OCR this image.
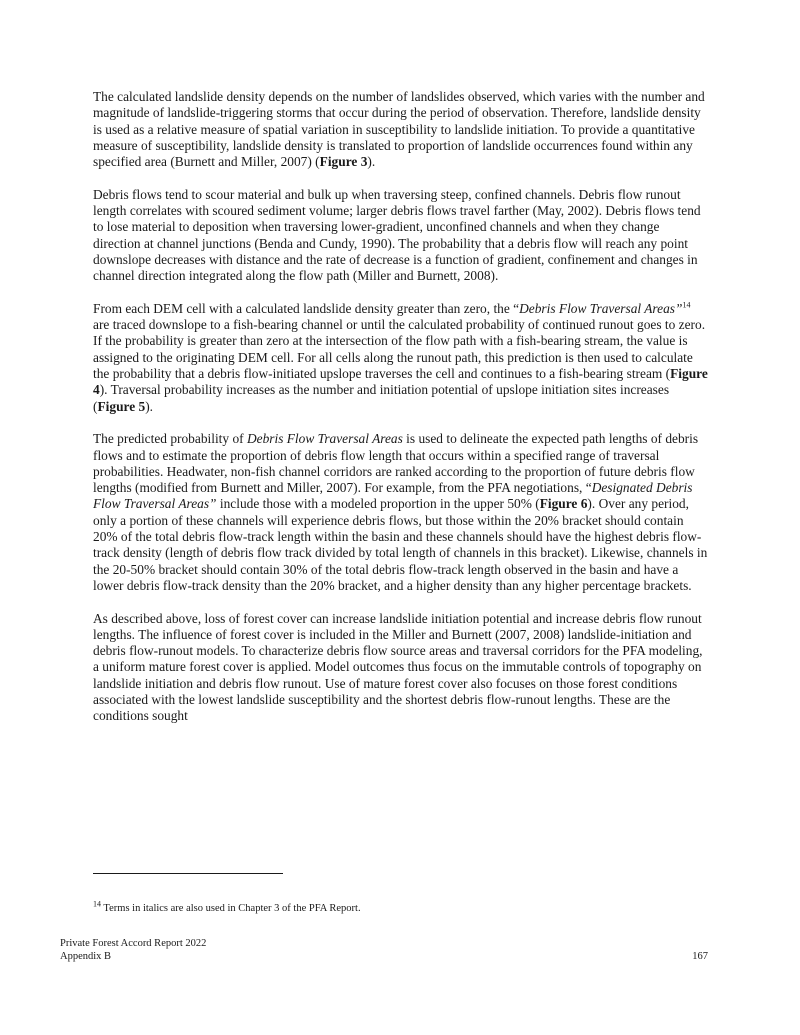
The calculated landslide density depends on the number of landslides observed, which varies with the number and magnitude of landslide-triggering storms that occur during the period of observation. Therefore, landslide density is used as a relative measure of spatial variation in susceptibility to landslide initiation. To provide a quantitative measure of susceptibility, landslide density is translated to proportion of landslide occurrences found within any specified area (Burnett and Miller, 2007) (Figure 3).

Debris flows tend to scour material and bulk up when traversing steep, confined channels. Debris flow runout length correlates with scoured sediment volume; larger debris flows travel farther (May, 2002). Debris flows tend to lose material to deposition when traversing lower-gradient, unconfined channels and when they change direction at channel junctions (Benda and Cundy, 1990). The probability that a debris flow will reach any point downslope decreases with distance and the rate of decrease is a function of gradient, confinement and changes in channel direction integrated along the flow path (Miller and Burnett, 2008).

From each DEM cell with a calculated landslide density greater than zero, the “Debris Flow Traversal Areas”$^{14}$ are traced downslope to a fish-bearing channel or until the calculated probability of continued runout goes to zero. If the probability is greater than zero at the intersection of the flow path with a fish-bearing stream, the value is assigned to the originating DEM cell. For all cells along the runout path, this prediction is then used to calculate the probability that a debris flow-initiated upslope traverses the cell and continues to a fish-bearing stream (Figure 4). Traversal probability increases as the number and initiation potential of upslope initiation sites increases (Figure 5).

The predicted probability of Debris Flow Traversal Areas is used to delineate the expected path lengths of debris flows and to estimate the proportion of debris flow length that occurs within a specified range of traversal probabilities. Headwater, non-fish channel corridors are ranked according to the proportion of future debris flow lengths (modified from Burnett and Miller, 2007). For example, from the PFA negotiations, “Designated Debris Flow Traversal Areas” include those with a modeled proportion in the upper 50% (Figure 6). Over any period, only a portion of these channels will experience debris flows, but those within the 20% bracket should contain 20% of the total debris flow-track length within the basin and these channels should have the highest debris flow-track density (length of debris flow track divided by total length of channels in this bracket). Likewise, channels in the 20-50% bracket should contain 30% of the total debris flow-track length observed in the basin and have a lower debris flow-track density than the 20% bracket, and a higher density than any higher percentage brackets.

As described above, loss of forest cover can increase landslide initiation potential and increase debris flow runout lengths. The influence of forest cover is included in the Miller and Burnett (2007, 2008) landslide-initiation and debris flow-runout models. To characterize debris flow source areas and traversal corridors for the PFA modeling, a uniform mature forest cover is applied. Model outcomes thus focus on the immutable controls of topography on landslide initiation and debris flow runout. Use of mature forest cover also focuses on those forest conditions associated with the lowest landslide susceptibility and the shortest debris flow-runout lengths. These are the conditions sought

$^{14}$ Terms in italics are also used in Chapter 3 of the PFA Report.
Private Forest Accord Report 2022
Appendix B	167
